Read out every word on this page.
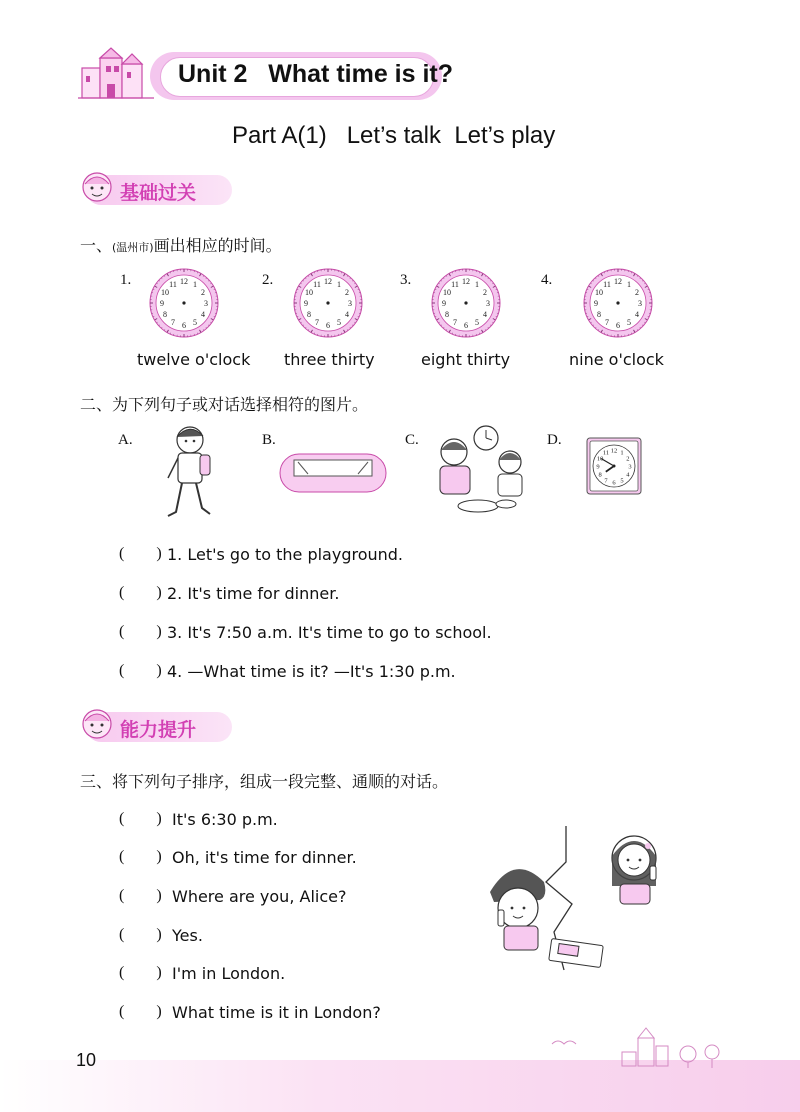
Unit 2   What time is it?
Part A(1)   Let’s talk  Let’s play
基础过关
一、(温州市)画出相应的时间。
1.	2.	3.	4.
1
2
3
4
5
6
7
8
9
10
11 12	1
2
3
4
5
6
7
8
9
10
11 12	1
2
3
4
5
6
7
8
9
10
11 12	1
2
3
4
5
6
7
8
9
10
11 12
twelve o'clock three thirty	eight thirty	nine o'clock
二、为下列句子或对话选择相符的图片。
A.	B.	C.	D.
1
2
3
4
5
6
7
8
9
10
11 12
(        ) 1. Let's go to the playground.
(        ) 2. It's time for dinner.
(        ) 3. It's 7:50 a.m. It's time to go to school.
(        ) 4. —What time is it? —It's 1:30 p.m.
能力提升
三、将下列句子排序，组成一段完整、通顺的对话。
(        ) It's 6:30 p.m.
(        ) Oh, it's time for dinner.
(        ) Where are you, Alice?
(        ) Yes.
(        ) I'm in London.
(        ) What time is it in London?
10
